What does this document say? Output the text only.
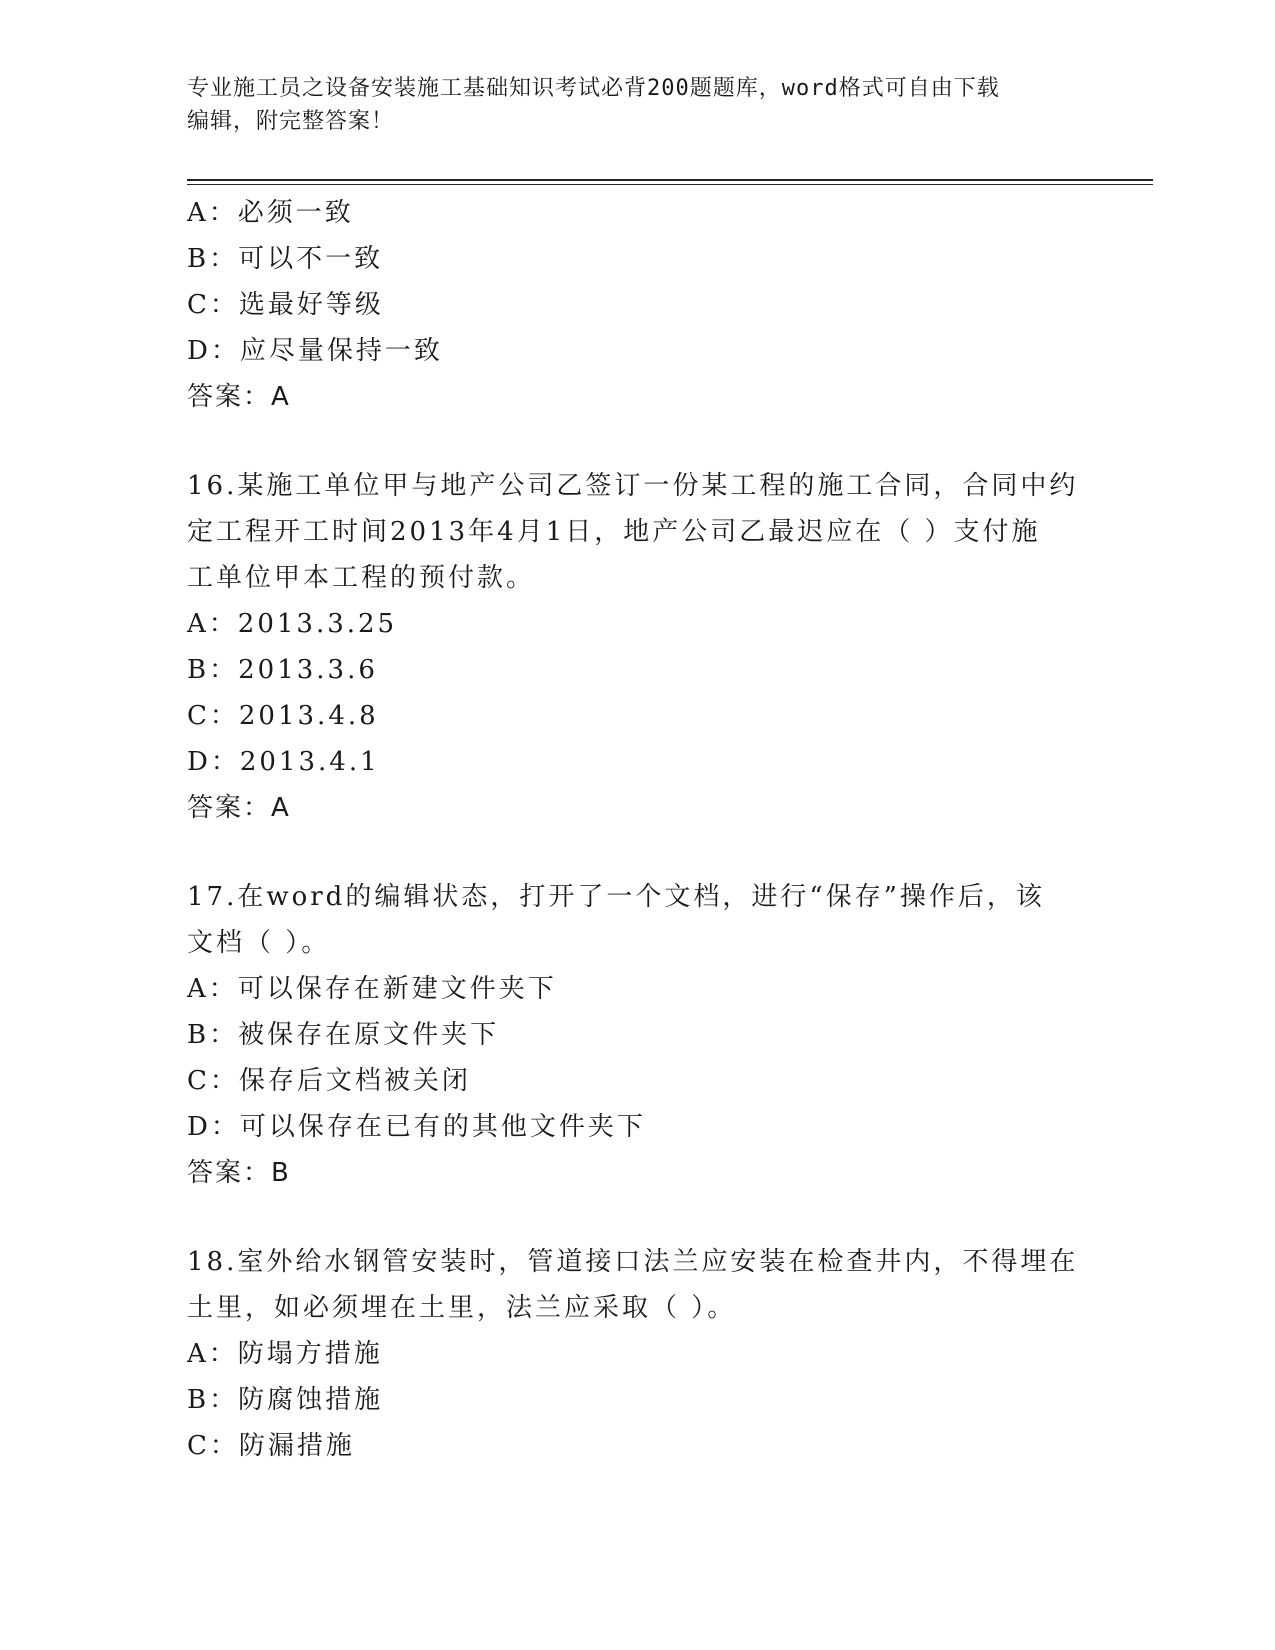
专业施工员之设备安装施工基础知识考试必背200题题库，word格式可自由下载
编辑，附完整答案！
A：必须一致
B：可以不一致
C：选最好等级
D：应尽量保持一致
答案：A
16.某施工单位甲与地产公司乙签订一份某工程的施工合同，合同中约
定工程开工时间2013年4月1日，地产公司乙最迟应在（ ）支付施
工单位甲本工程的预付款。
A：2013.3.25
B：2013.3.6
C：2013.4.8
D：2013.4.1
答案：A
17.在word的编辑状态，打开了一个文档，进行“保存”操作后，该
文档（ ）。
A：可以保存在新建文件夹下
B：被保存在原文件夹下
C：保存后文档被关闭
D：可以保存在已有的其他文件夹下
答案：B
18.室外给水钢管安装时，管道接口法兰应安装在检查井内，不得埋在
土里，如必须埋在土里，法兰应采取（ ）。
A：防塌方措施
B：防腐蚀措施
C：防漏措施
